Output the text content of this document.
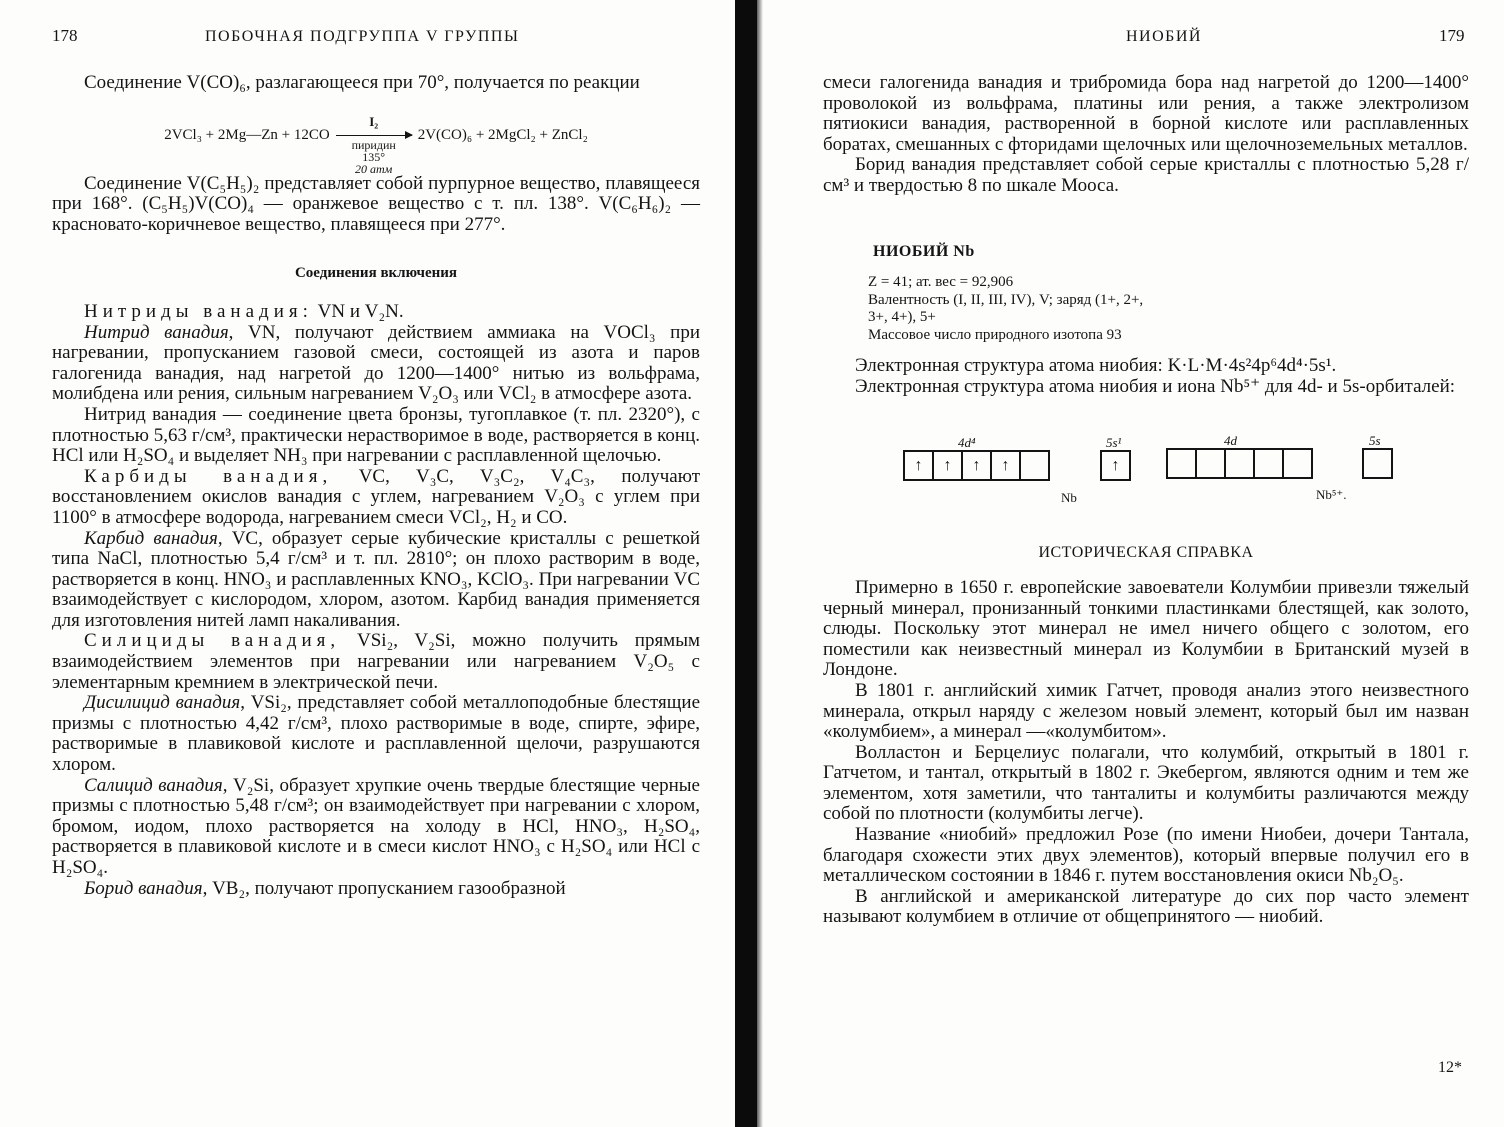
178	ПОБОЧНАЯ ПОДГРУППА V ГРУППЫ

Соединение V(CO)₆, разлагающееся при 70°, получается по реакции

2VCl₃ + 2Mg—Zn + 12CO
I₂
пиридин
135°
20 атм
2V(CO)₆ + 2MgCl₂ + ZnCl₂

Соединение V(C₅H₅)₂ представляет собой пурпурное вещество, плавящееся при 168°. (C₅H₅)V(CO)₄ — оранжевое вещество с т. пл. 138°. V(C₆H₆)₂ — красновато-коричневое вещество, плавящееся при 277°.

Соединения включения

Нитриды ванадия: VN и V₂N.

Нитрид ванадия, VN, получают действием аммиака на VOCl₃ при нагревании, пропусканием газовой смеси, состоящей из азота и паров галогенида ванадия, над нагретой до 1200—1400° нитью из вольфрама, молибдена или рения, сильным нагреванием V₂O₃ или VCl₂ в атмосфере азота.

Нитрид ванадия — соединение цвета бронзы, тугоплавкое (т. пл. 2320°), с плотностью 5,63 г/см³, практически нерастворимое в воде, растворяется в конц. HCl или H₂SO₄ и выделяет NH₃ при нагревании с расплавленной щелочью.

Карбиды ванадия, VC, V₃C, V₃C₂, V₄C₃, получают восстановлением окислов ванадия с углем, нагреванием V₂O₃ с углем при 1100° в атмосфере водорода, нагреванием смеси VCl₂, H₂ и CO.

Карбид ванадия, VC, образует серые кубические кристаллы с решеткой типа NaCl, плотностью 5,4 г/см³ и т. пл. 2810°; он плохо растворим в воде, растворяется в конц. HNO₃ и расплавленных KNO₃, KClO₃. При нагревании VC взаимодействует с кислородом, хлором, азотом. Карбид ванадия применяется для изготовления нитей ламп накаливания.

Силициды ванадия, VSi₂, V₂Si, можно получить прямым взаимодействием элементов при нагревании или нагреванием V₂O₅ с элементарным кремнием в электрической печи.

Дисилицид ванадия, VSi₂, представляет собой металлоподобные блестящие призмы с плотностью 4,42 г/см³, плохо растворимые в воде, спирте, эфире, растворимые в плавиковой кислоте и расплавленной щелочи, разрушаются хлором.

Салицид ванадия, V₂Si, образует хрупкие очень твердые блестящие черные призмы с плотностью 5,48 г/см³; он взаимодействует при нагревании с хлором, бромом, иодом, плохо растворяется на холоду в HCl, HNO₃, H₂SO₄, растворяется в плавиковой кислоте и в смеси кислот HNO₃ с H₂SO₄ или HCl с H₂SO₄.

Борид ванадия, VB₂, получают пропусканием газообразной

НИОБИЙ	179

смеси галогенида ванадия и трибромида бора над нагретой до 1200—1400° проволокой из вольфрама, платины или рения, а также электролизом пятиокиси ванадия, растворенной в борной кислоте или расплавленных боратах, смешанных с фторидами щелочных или щелочноземельных металлов.

Борид ванадия представляет собой серые кристаллы с плотностью 5,28 г/см³ и твердостью 8 по шкале Мооса.

НИОБИЙ Nb
Z = 41; ат. вес = 92,906
Валентность (I, II, III, IV), V; заряд (1+, 2+,
3+, 4+), 5+
Массовое число природного изотопа 93

Электронная структура атома ниобия: K·L·M·4s²4p⁶4d⁴·5s¹.

Электронная структура атома ниобия и иона Nb⁵⁺ для 4d- и 5s-орбиталей:

4d⁴	5s¹	4d	5s
↑	↑	↑	↑	↑
Nb	Nb⁵⁺.
ИСТОРИЧЕСКАЯ СПРАВКА

Примерно в 1650 г. европейские завоеватели Колумбии привезли тяжелый черный минерал, пронизанный тонкими пластинками блестящей, как золото, слюды. Поскольку этот минерал не имел ничего общего с золотом, его поместили как неизвестный минерал из Колумбии в Британский музей в Лондоне.

В 1801 г. английский химик Гатчет, проводя анализ этого неизвестного минерала, открыл наряду с железом новый элемент, который был им назван «колумбием», а минерал —«колумбитом».

Волластон и Берцелиус полагали, что колумбий, открытый в 1801 г. Гатчетом, и тантал, открытый в 1802 г. Экебергом, являются одним и тем же элементом, хотя заметили, что танталиты и колумбиты различаются между собой по плотности (колумбиты легче).

Название «ниобий» предложил Розе (по имени Ниобеи, дочери Тантала, благодаря схожести этих двух элементов), который впервые получил его в металлическом состоянии в 1846 г. путем восстановления окиси Nb₂O₅.

В английской и американской литературе до сих пор часто элемент называют колумбием в отличие от общепринятого — ниобий.

12*
